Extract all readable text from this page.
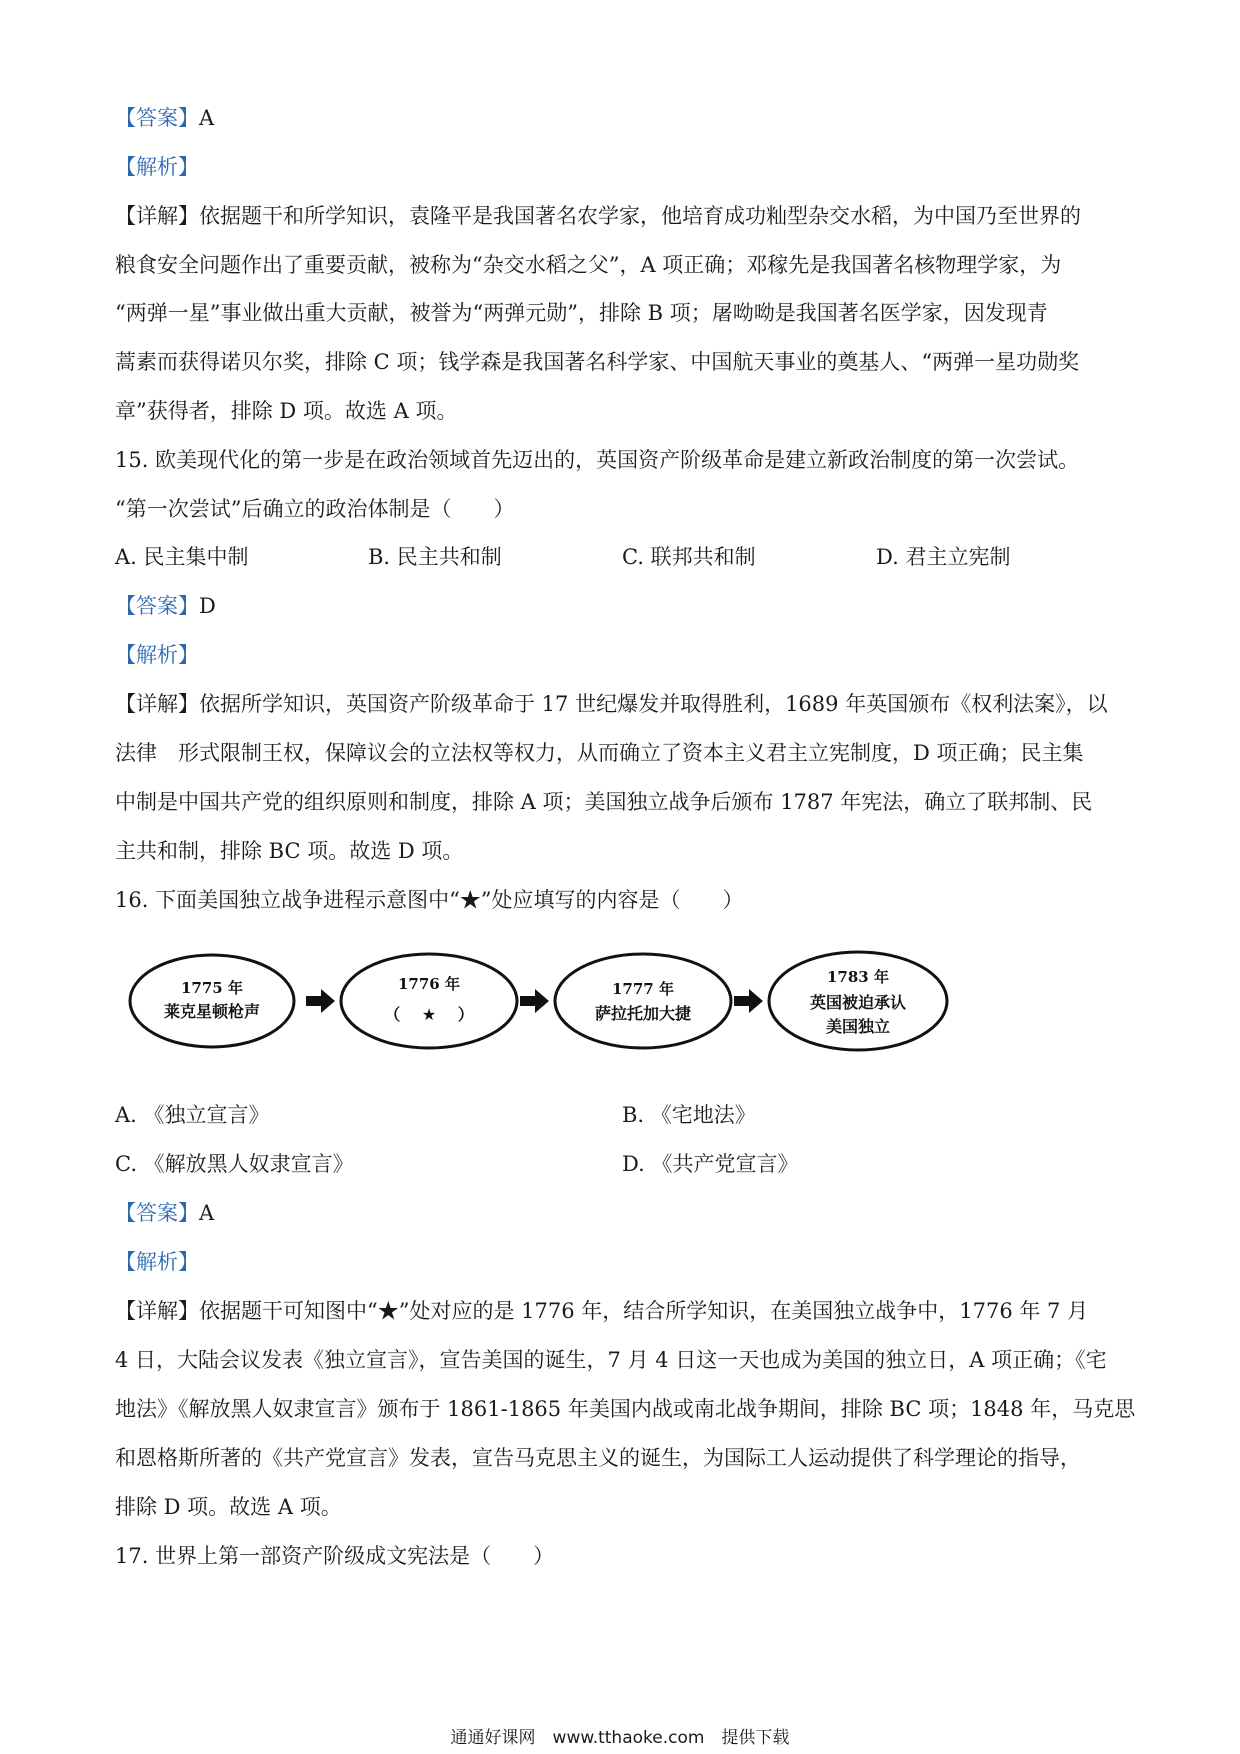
【答案】A
【解析】
【详解】依据题干和所学知识，袁隆平是我国著名农学家，他培育成功籼型杂交水稻，为中国乃至世界的
粮食安全问题作出了重要贡献，被称为“杂交水稻之父”，A 项正确；邓稼先是我国著名核物理学家，为
“两弹一星”事业做出重大贡献，被誉为“两弹元勋”，排除 B 项；屠呦呦是我国著名医学家，因发现青
蒿素而获得诺贝尔奖，排除 C 项；钱学森是我国著名科学家、中国航天事业的奠基人、“两弹一星功勋奖
章”获得者，排除 D 项。故选 A 项。
15. 欧美现代化的第一步是在政治领域首先迈出的，英国资产阶级革命是建立新政治制度的第一次尝试。
“第一次尝试”后确立的政治体制是（　　）
A. 民主集中制	B. 民主共和制	C. 联邦共和制	D. 君主立宪制
【答案】D
【解析】
【详解】依据所学知识，英国资产阶级革命于 17 世纪爆发并取得胜利，1689 年英国颁布《权利法案》，以
法律　形式限制王权，保障议会的立法权等权力，从而确立了资本主义君主立宪制度，D 项正确；民主集
中制是中国共产党的组织原则和制度，排除 A 项；美国独立战争后颁布 1787 年宪法，确立了联邦制、民
主共和制，排除 BC 项。故选 D 项。
16. 下面美国独立战争进程示意图中“★”处应填写的内容是（　　）
1775 年
莱克星顿枪声
1776 年
（　 ★　 ）
1777 年
萨拉托加大捷
1783 年
英国被迫承认
美国独立
A. 《独立宣言》	B. 《宅地法》
C. 《解放黑人奴隶宣言》	D. 《共产党宣言》
【答案】A
【解析】
【详解】依据题干可知图中“★”处对应的是 1776 年，结合所学知识，在美国独立战争中，1776 年 7 月
4 日，大陆会议发表《独立宣言》，宣告美国的诞生，7 月 4 日这一天也成为美国的独立日，A 项正确；《宅
地法》《解放黑人奴隶宣言》颁布于 1861-1865 年美国内战或南北战争期间，排除 BC 项；1848 年，马克思
和恩格斯所著的《共产党宣言》发表，宣告马克思主义的诞生，为国际工人运动提供了科学理论的指导，
排除 D 项。故选 A 项。
17. 世界上第一部资产阶级成文宪法是（　　）
通通好课网　www.tthaoke.com　提供下载
